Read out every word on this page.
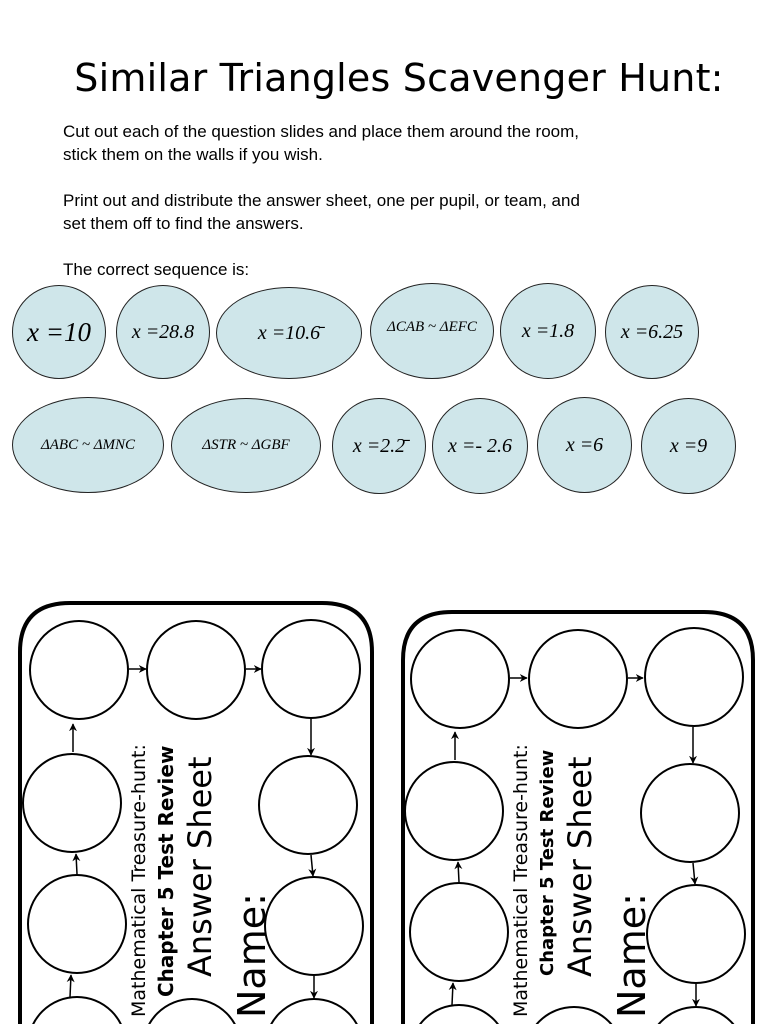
Similar Triangles Scavenger Hunt:
Cut out each of the question slides and place them around the room,
stick them on the walls if you wish.
Print out and distribute the answer sheet, one per pupil, or team, and
set them off to find the answers.
The correct sequence is:
x =10	x =28.8	x =10.6̄	ΔCAB ~ ΔEFC	x =1.8	x =6.25
ΔABC ~ ΔMNC	ΔSTR ~ ΔGBF	x =2.2̄	x =- 2.6	x =6	x =9
Mathematical Treasure-hunt: Chapter 5 Test Review Answer Sheet Name:	Mathematical Treasure-hunt: Chapter 5 Test Review Answer Sheet Name:
